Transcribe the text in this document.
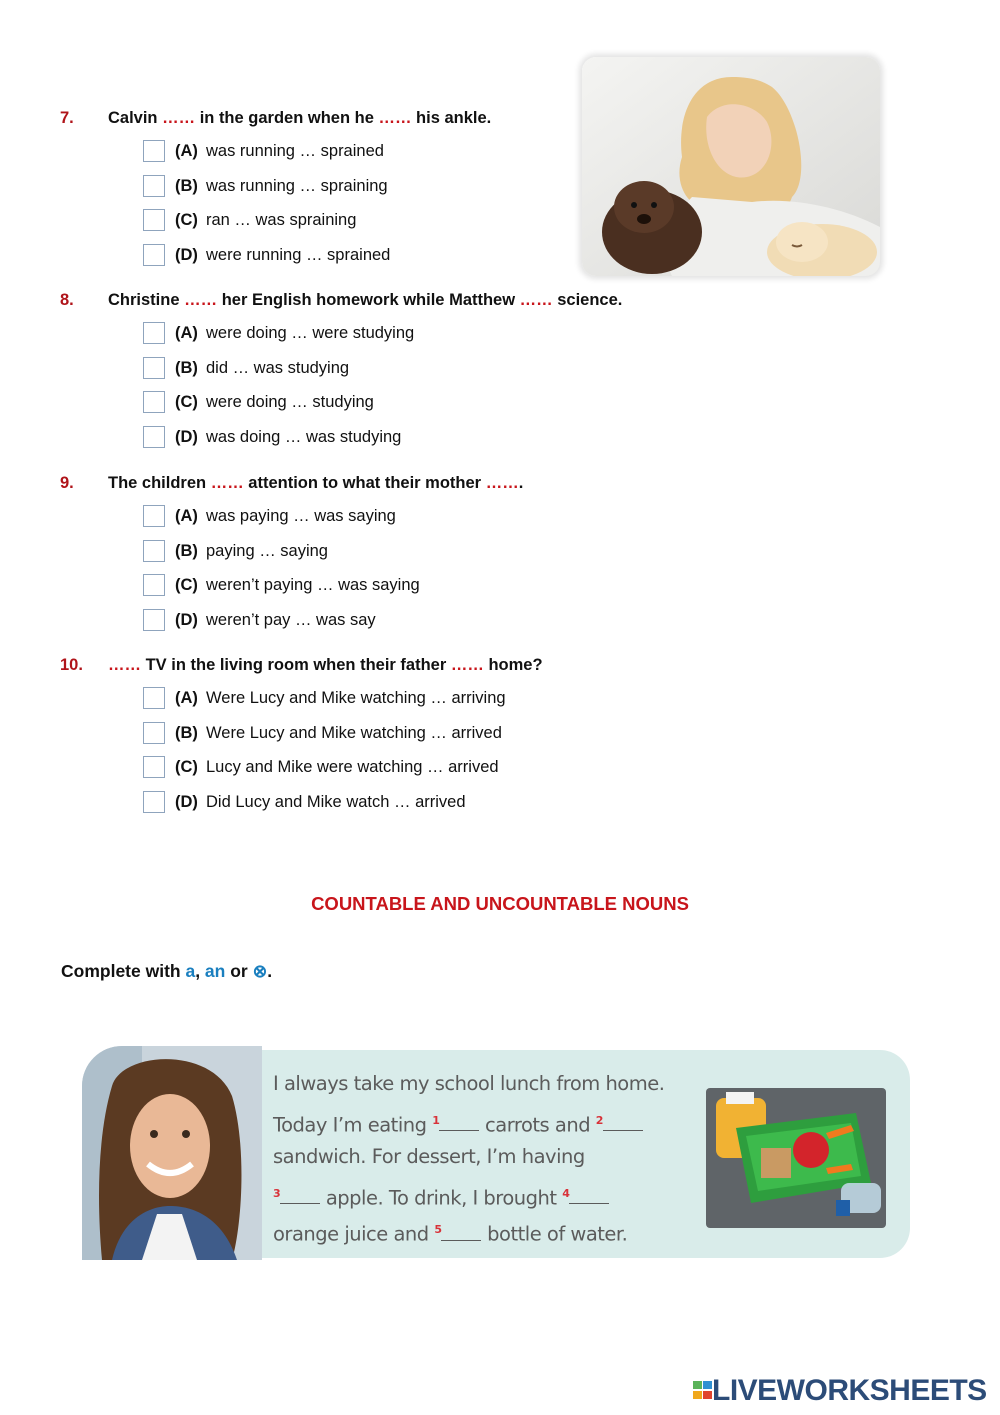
7. Calvin …… in the garden when he …… his ankle.
(A) was running … sprained
(B) was running … spraining
(C) ran … was spraining
(D) were running … sprained
8. Christine …… her English homework while Matthew …… science.
(A) were doing … were studying
(B) did … was studying
(C) were doing … studying
(D) was doing … was studying
9. The children …… attention to what their mother …….
(A) was paying … was saying
(B) paying … saying
(C) weren’t paying … was saying
(D) weren’t pay … was say
10. …… TV in the living room when their father …… home?
(A) Were Lucy and Mike watching … arriving
(B) Were Lucy and Mike watching … arrived
(C) Lucy and Mike were watching … arrived
(D) Did Lucy and Mike watch … arrived
COUNTABLE AND UNCOUNTABLE NOUNS
Complete with a, an or ⊗.
I always take my school lunch from home.
Today I’m eating $^1$ carrots and $^2$
sandwich. For dessert, I’m having
$^3$ apple. To drink, I brought $^4$
orange juice and $^5$ bottle of water.
LIVEWORKSHEETS
